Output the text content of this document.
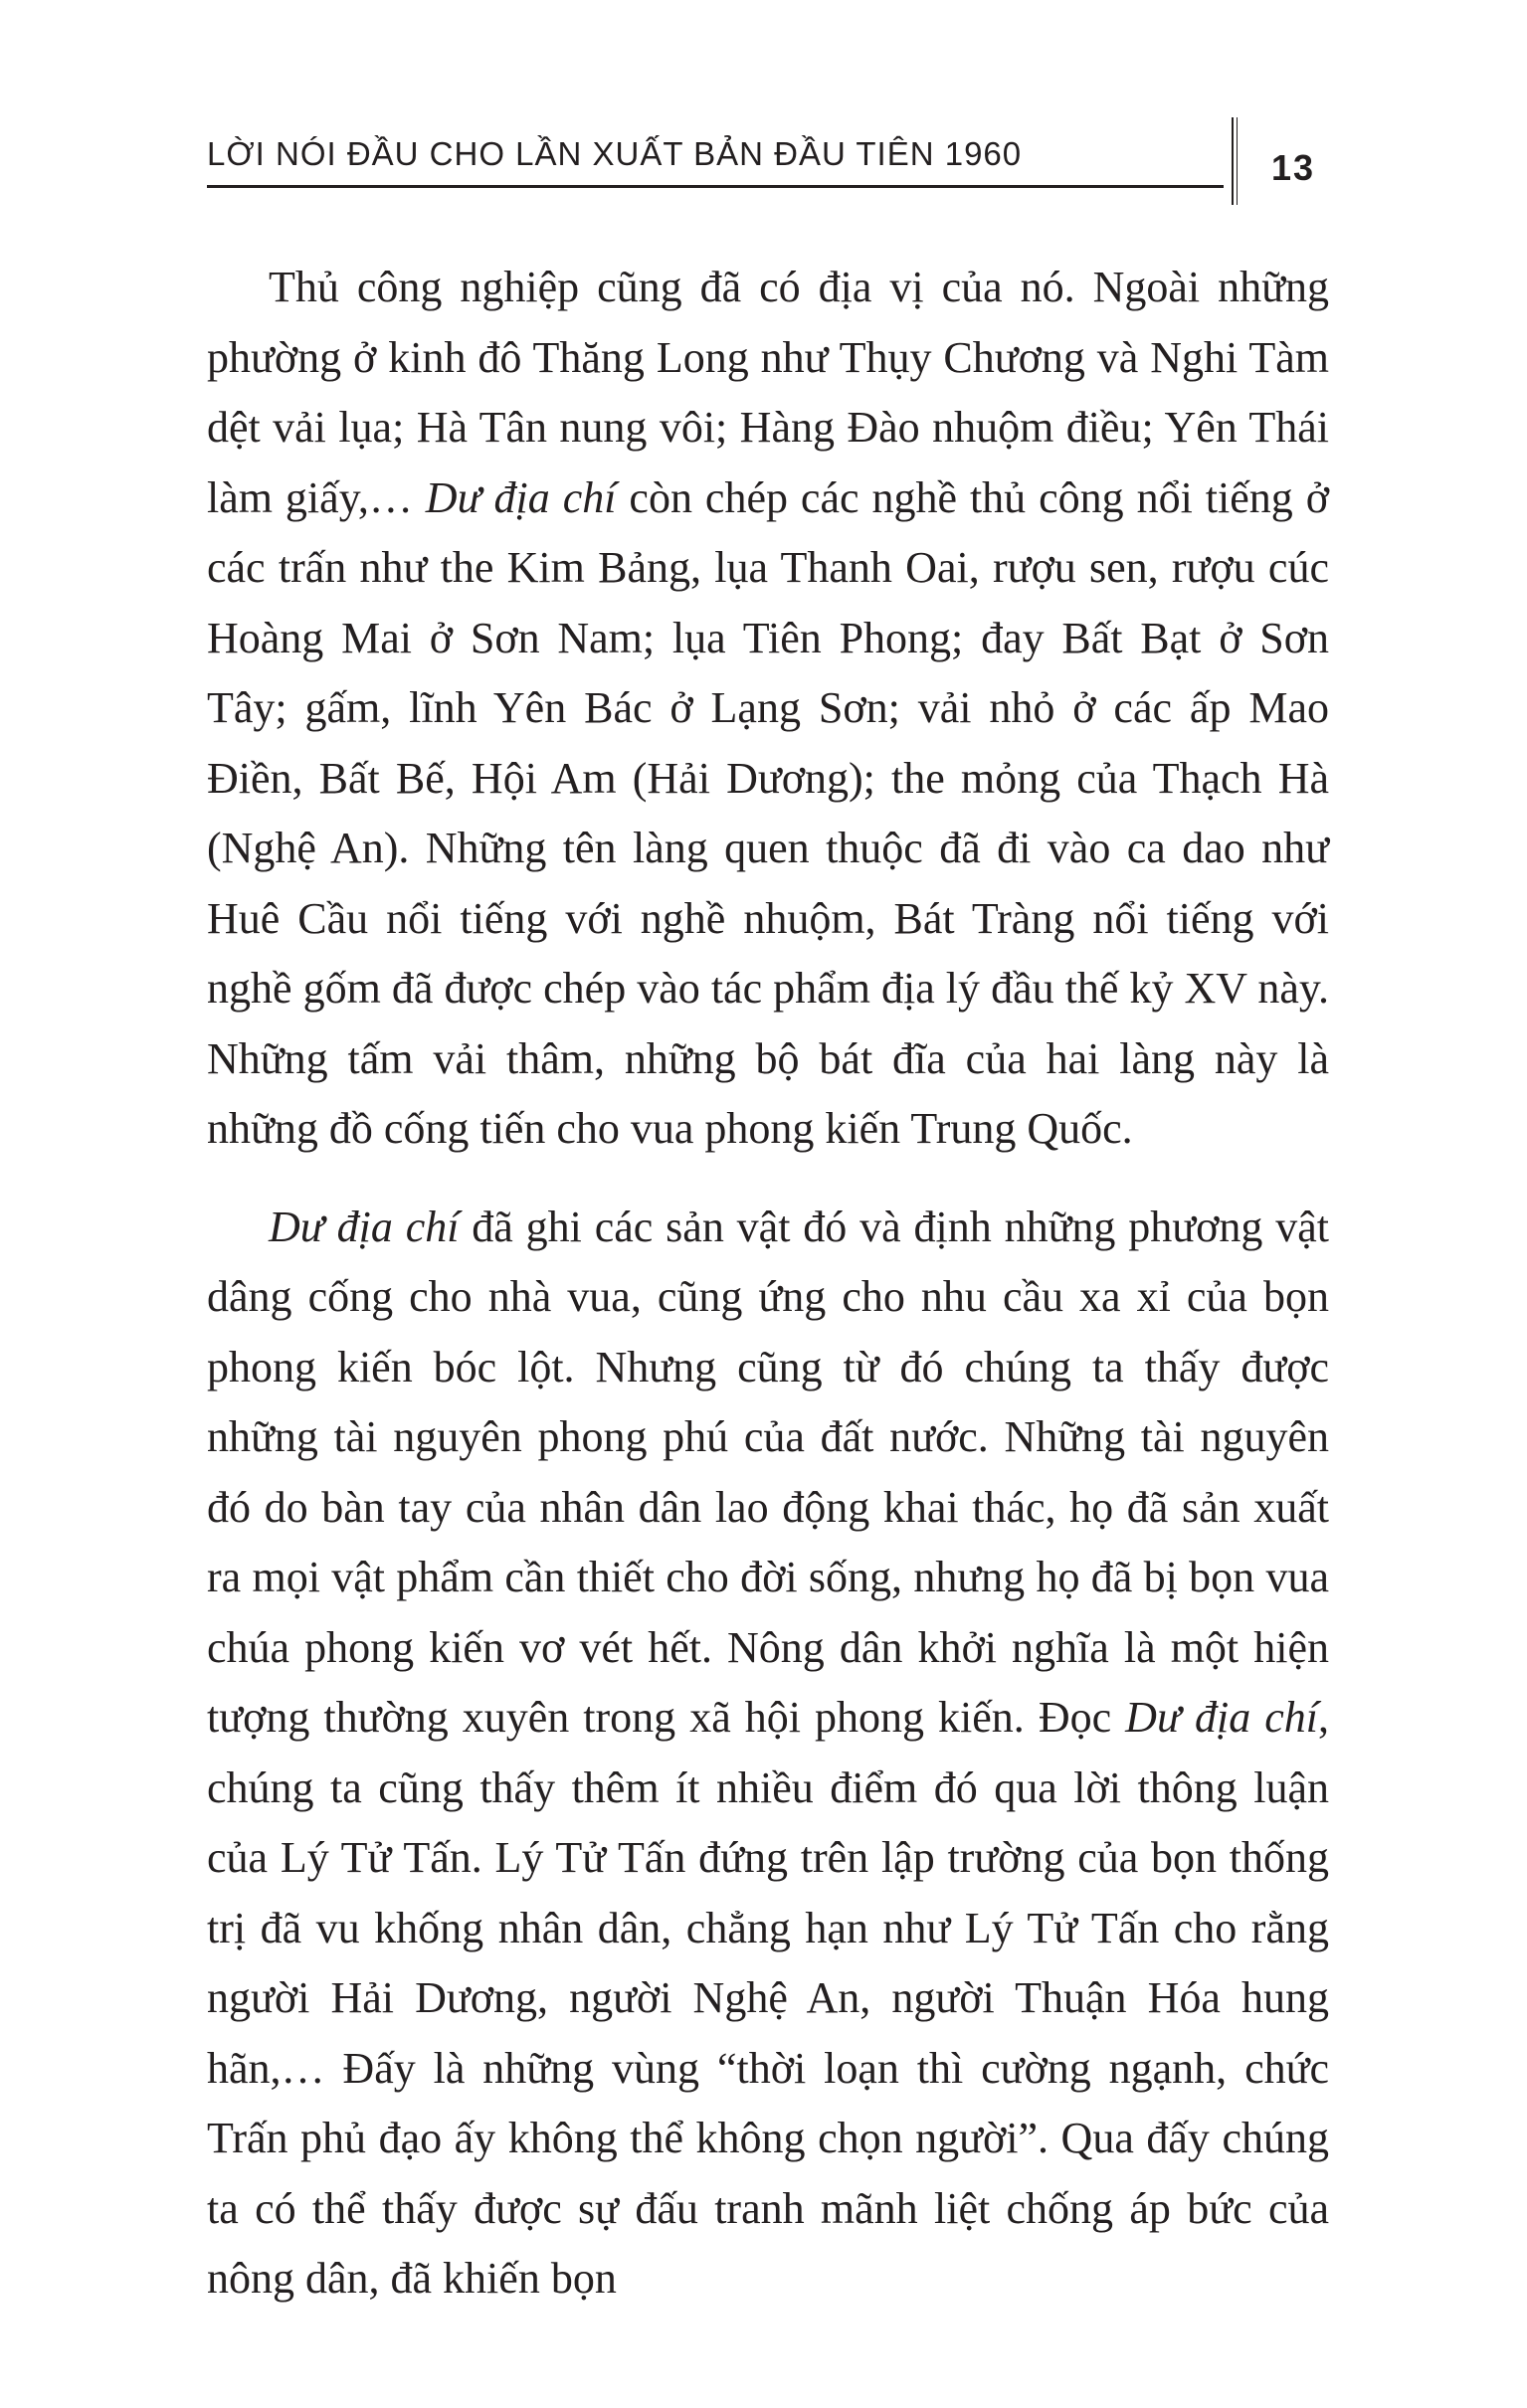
LỜI NÓI ĐẦU CHO LẦN XUẤT BẢN ĐẦU TIÊN 1960	13

Thủ công nghiệp cũng đã có địa vị của nó. Ngoài những phường ở kinh đô Thăng Long như Thụy Chương và Nghi Tàm dệt vải lụa; Hà Tân nung vôi; Hàng Đào nhuộm điều; Yên Thái làm giấy,… Dư địa chí còn chép các nghề thủ công nổi tiếng ở các trấn như the Kim Bảng, lụa Thanh Oai, rượu sen, rượu cúc Hoàng Mai ở Sơn Nam; lụa Tiên Phong; đay Bất Bạt ở Sơn Tây; gấm, lĩnh Yên Bác ở Lạng Sơn; vải nhỏ ở các ấp Mao Điền, Bất Bế, Hội Am (Hải Dương); the mỏng của Thạch Hà (Nghệ An). Những tên làng quen thuộc đã đi vào ca dao như Huê Cầu nổi tiếng với nghề nhuộm, Bát Tràng nổi tiếng với nghề gốm đã được chép vào tác phẩm địa lý đầu thế kỷ XV này. Những tấm vải thâm, những bộ bát đĩa của hai làng này là những đồ cống tiến cho vua phong kiến Trung Quốc.

Dư địa chí đã ghi các sản vật đó và định những phương vật dâng cống cho nhà vua, cũng ứng cho nhu cầu xa xỉ của bọn phong kiến bóc lột. Nhưng cũng từ đó chúng ta thấy được những tài nguyên phong phú của đất nước. Những tài nguyên đó do bàn tay của nhân dân lao động khai thác, họ đã sản xuất ra mọi vật phẩm cần thiết cho đời sống, nhưng họ đã bị bọn vua chúa phong kiến vơ vét hết. Nông dân khởi nghĩa là một hiện tượng thường xuyên trong xã hội phong kiến. Đọc Dư địa chí, chúng ta cũng thấy thêm ít nhiều điểm đó qua lời thông luận của Lý Tử Tấn. Lý Tử Tấn đứng trên lập trường của bọn thống trị đã vu khống nhân dân, chẳng hạn như Lý Tử Tấn cho rằng người Hải Dương, người Nghệ An, người Thuận Hóa hung hãn,… Đấy là những vùng “thời loạn thì cường ngạnh, chức Trấn phủ đạo ấy không thể không chọn người”. Qua đấy chúng ta có thể thấy được sự đấu tranh mãnh liệt chống áp bức của nông dân, đã khiến bọn
